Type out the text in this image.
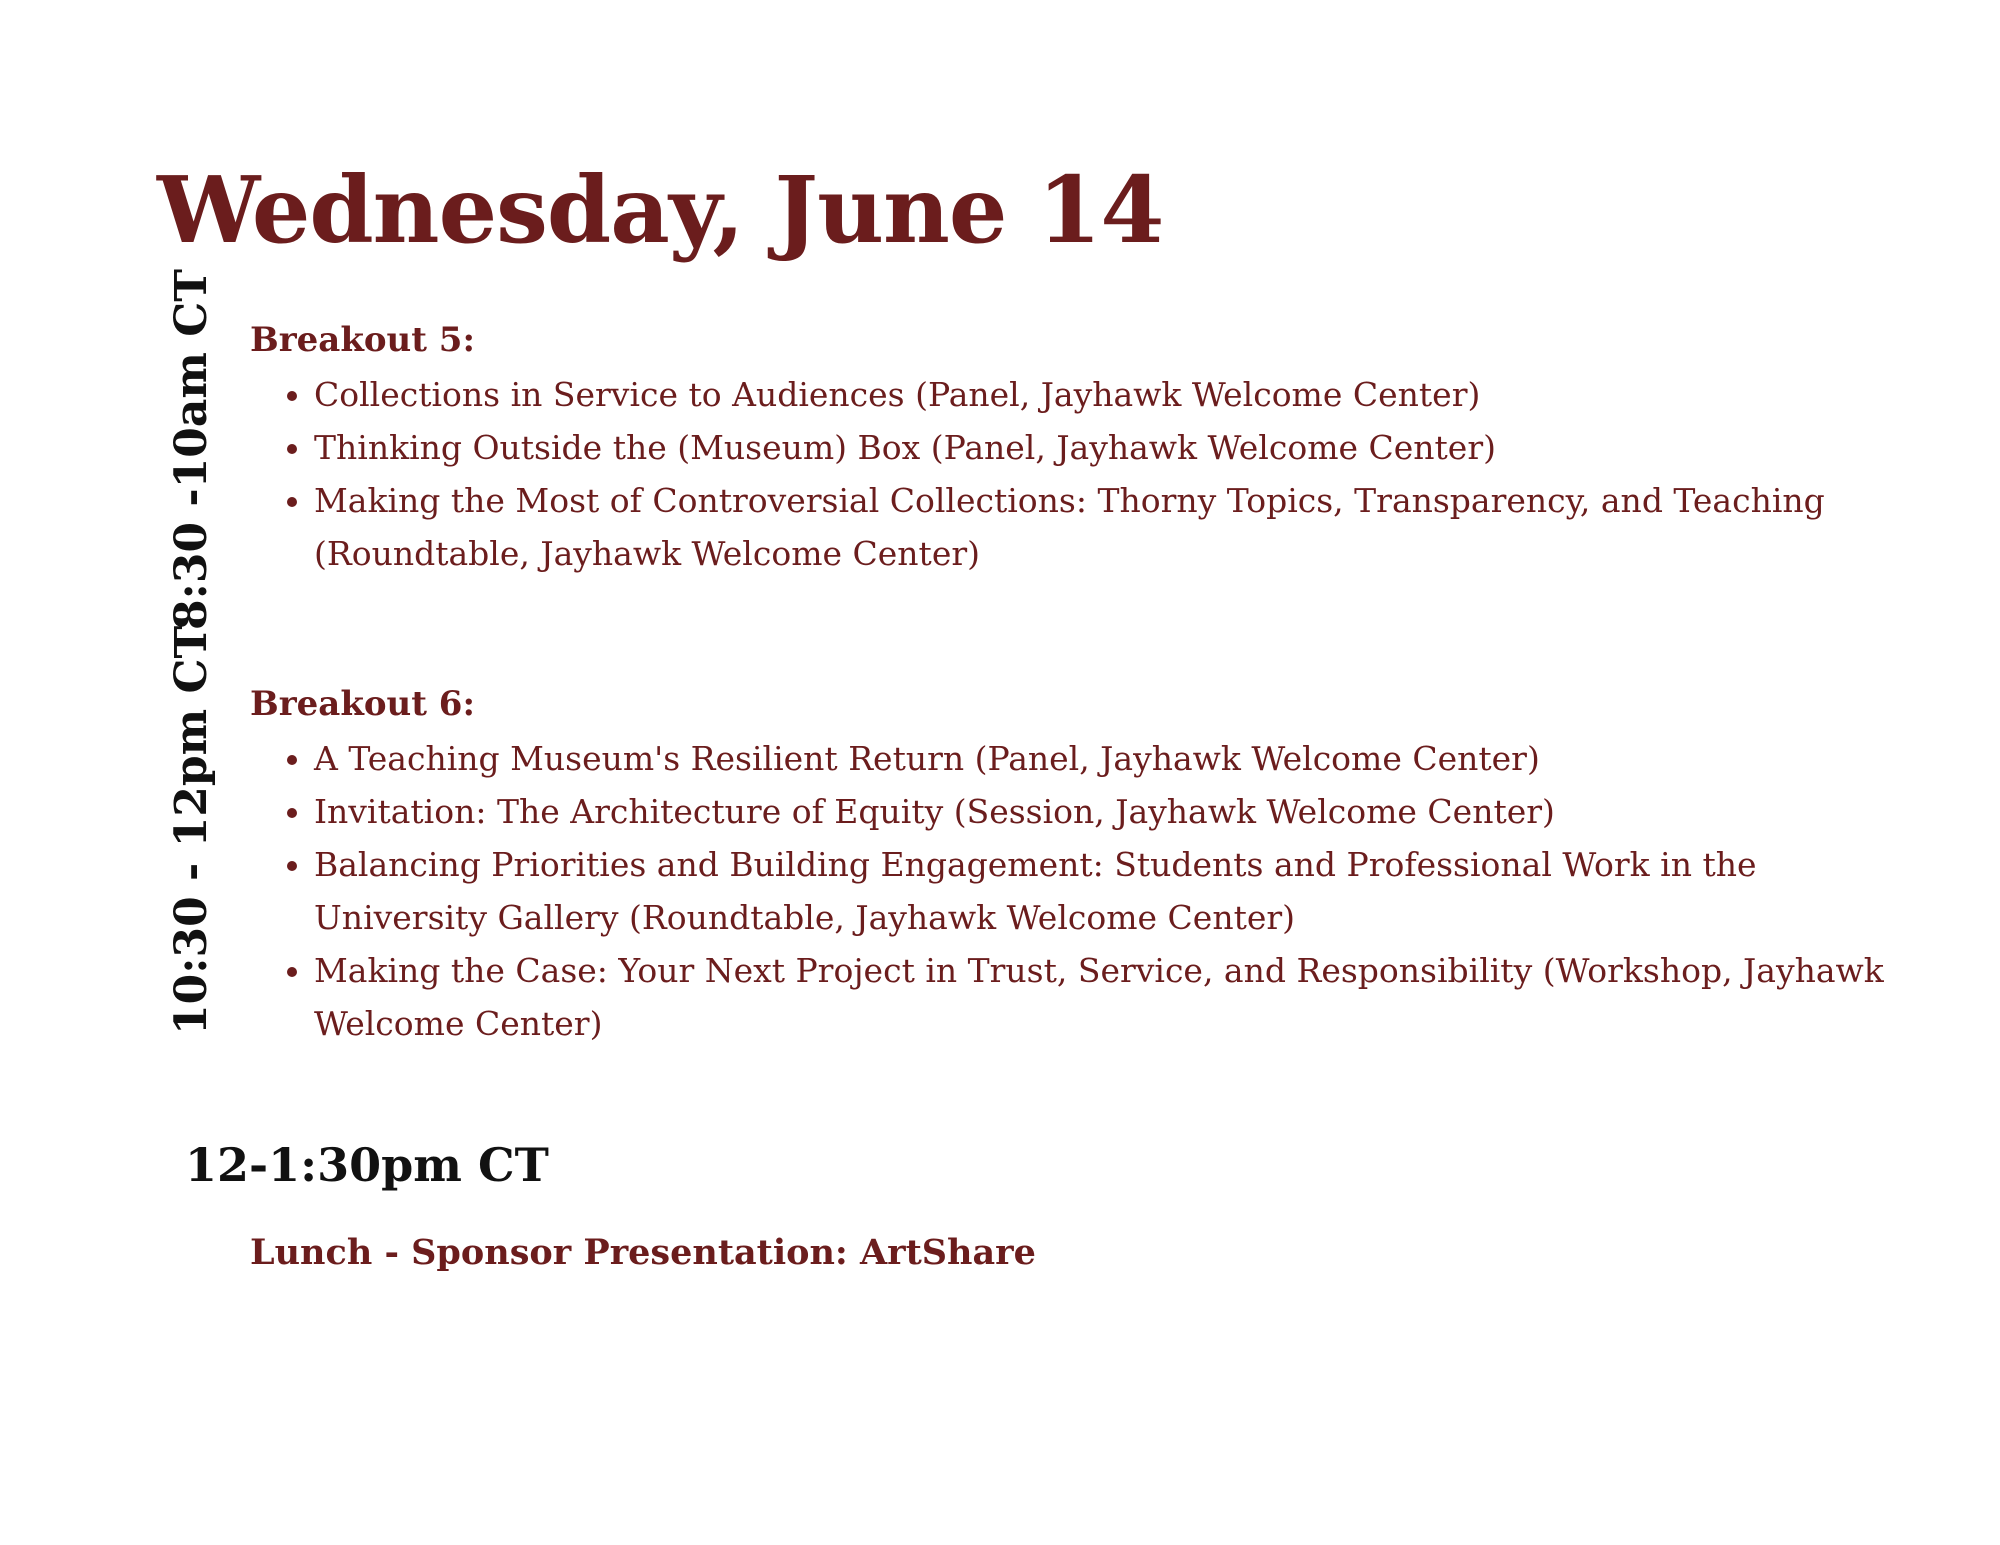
Wednesday, June 14
8:30 -10am CT Breakout 5:
• Collections in Service to Audiences (Panel, Jayhawk Welcome Center)
• Thinking Outside the (Museum) Box (Panel, Jayhawk Welcome Center)
• Making the Most of Controversial Collections: Thorny Topics, Transparency, and Teaching (Roundtable, Jayhawk Welcome Center)
10:30 - 12pm CT Breakout 6:
• A Teaching Museum's Resilient Return (Panel, Jayhawk Welcome Center)
• Invitation: The Architecture of Equity (Session, Jayhawk Welcome Center)
• Balancing Priorities and Building Engagement: Students and Professional Work in the University Gallery (Roundtable, Jayhawk Welcome Center)
• Making the Case: Your Next Project in Trust, Service, and Responsibility (Workshop, Jayhawk Welcome Center)
12-1:30pm CT
Lunch - Sponsor Presentation: ArtShare
